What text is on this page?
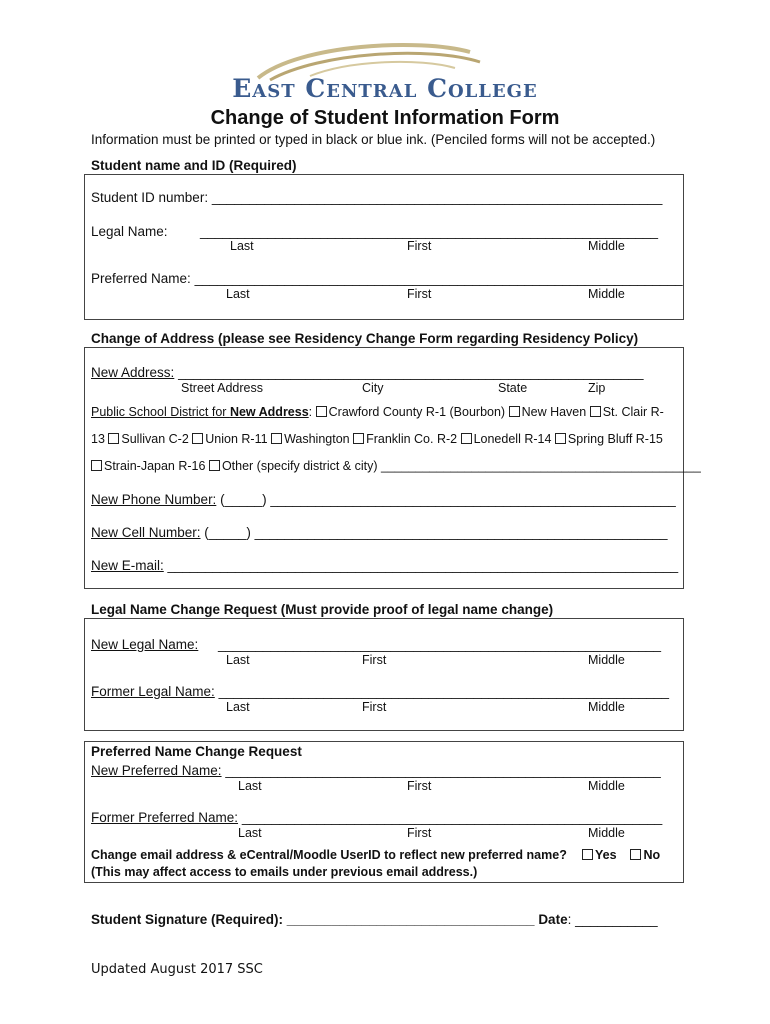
East Central College
Change of Student Information Form
Information must be printed or typed in black or blue ink. (Penciled forms will not be accepted.)
Student name and ID (Required)
Student ID number: ____________________________________________________________
Legal Name: _____________________________________________________________
Last	First	Middle
Preferred Name: _________________________________________________________________
Last	First	Middle
Change of Address (please see Residency Change Form regarding Residency Policy)
New Address: ______________________________________________________________
Street Address	City	State	Zip
Public School District for New Address: Crawford County R-1 (Bourbon) New Haven St. Clair R-
13 Sullivan C-2 Union R-11 Washington Franklin Co. R-2 Lonedell R-14 Spring Bluff R-15
Strain-Japan R-16 Other (specify district & city) ______________________________________________
New Phone Number: (_____) ______________________________________________________
New Cell Number: (_____) _______________________________________________________
New E-mail: ____________________________________________________________________
Legal Name Change Request (Must provide proof of legal name change)
New Legal Name: ___________________________________________________________
Last	First	Middle
Former Legal Name: ____________________________________________________________
Last	First	Middle
Preferred Name Change Request
New Preferred Name: __________________________________________________________
Last	First	Middle
Former Preferred Name: ________________________________________________________
Last	First	Middle
Change email address & eCentral/Moodle UserID to reflect new preferred name?	Yes No
(This may affect access to emails under previous email address.)
Student Signature (Required): _________________________________ Date: ___________
Updated August 2017 SSC
